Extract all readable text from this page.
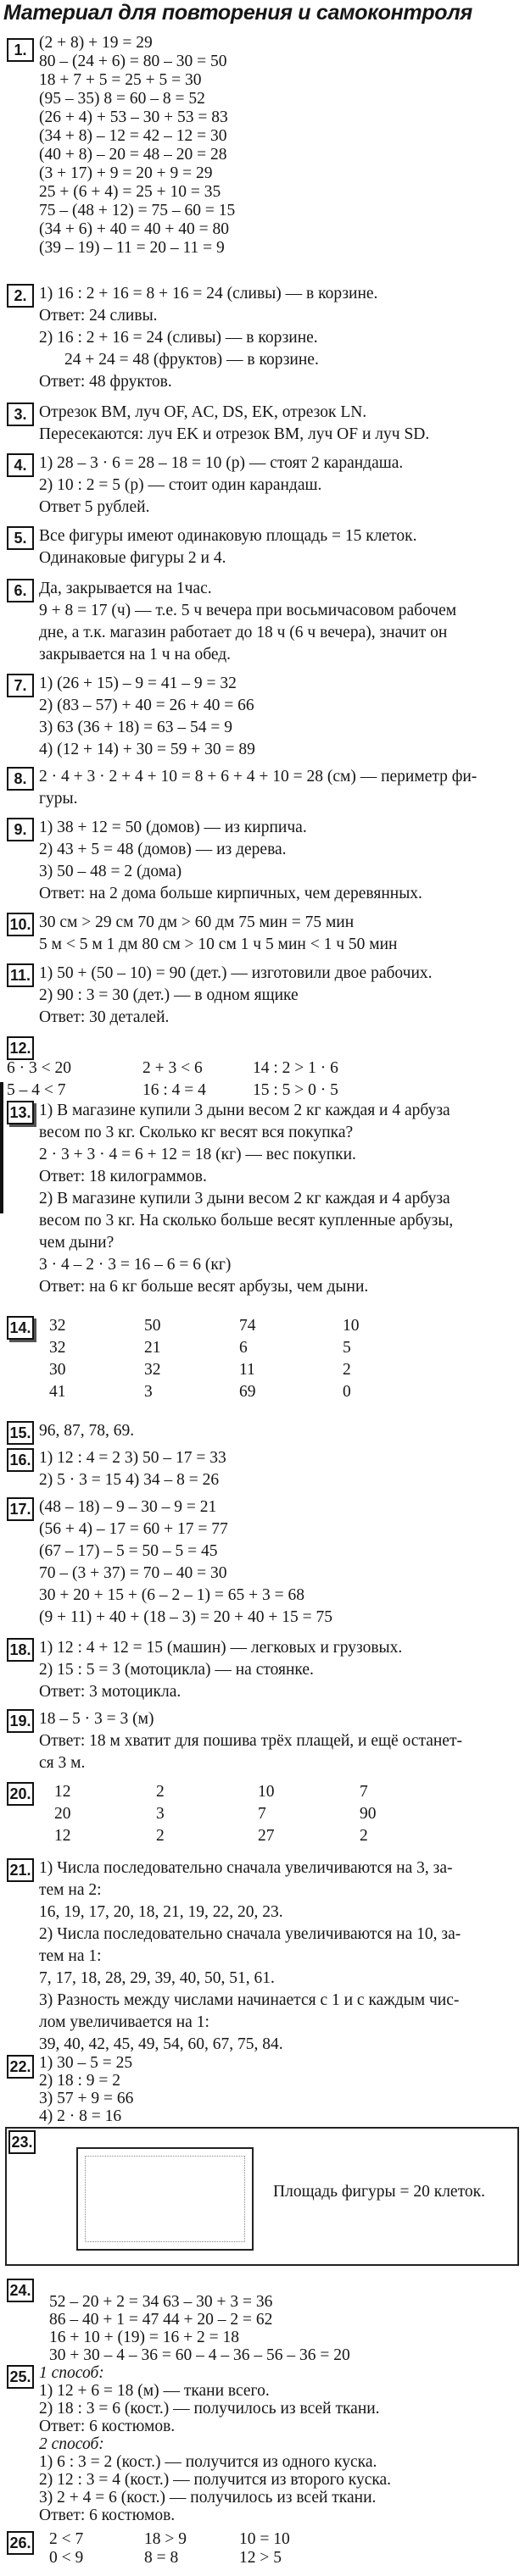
Материал для повторения и самоконтроля
1. (2 + 8) + 19 = 29
80 – (24 + 6) = 80 – 30 = 50
18 + 7 + 5 = 25 + 5 = 30
(95 – 35) 8 = 60 – 8 = 52
(26 + 4) + 53 – 30 + 53 = 83
(34 + 8) – 12 = 42 – 12 = 30
(40 + 8) – 20 = 48 – 20 = 28
(3 + 17) + 9 = 20 + 9 = 29
25 + (6 + 4) = 25 + 10 = 35
75 – (48 + 12) = 75 – 60 = 15
(34 + 6) + 40 = 40 + 40 = 80
(39 – 19) – 11 = 20 – 11 = 9
2. 1) 16 : 2 + 16 = 8 + 16 = 24 (сливы) — в корзине.
Ответ: 24 сливы.
2) 16 : 2 + 16 = 24 (сливы) — в корзине.
24 + 24 = 48 (фруктов) — в корзине.
Ответ: 48 фруктов.
3. Отрезок BM, луч OF, AC, DS, EK, отрезок LN.
Пересекаются: луч EK и отрезок BM, луч OF и луч SD.
4. 1) 28 – 3 · 6 = 28 – 18 = 10 (р) — стоят 2 карандаша.
2) 10 : 2 = 5 (р) — стоит один карандаш.
Ответ 5 рублей.
5. Все фигуры имеют одинаковую площадь = 15 клеток.
Одинаковые фигуры 2 и 4.
6. Да, закрывается на 1час.
9 + 8 = 17 (ч) — т.е. 5 ч вечера при восьмичасовом рабочем
дне, а т.к. магазин работает до 18 ч (6 ч вечера), значит он
закрывается на 1 ч на обед.
7. 1) (26 + 15) – 9 = 41 – 9 = 32
2) (83 – 57) + 40 = 26 + 40 = 66
3) 63 (36 + 18) = 63 – 54 = 9
4) (12 + 14) + 30 = 59 + 30 = 89
8. 2 · 4 + 3 · 2 + 4 + 10 = 8 + 6 + 4 + 10 = 28 (см) — периметр фи-
гуры.
9. 1) 38 + 12 = 50 (домов) — из кирпича.
2) 43 + 5 = 48 (домов) — из дерева.
3) 50 – 48 = 2 (дома)
Ответ: на 2 дома больше кирпичных, чем деревянных.
10. 30 см > 29 см 70 дм > 60 дм 75 мин = 75 мин
5 м < 5 м 1 дм 80 см > 10 см 1 ч 5 мин < 1 ч 50 мин
11. 1) 50 + (50 – 10) = 90 (дет.) — изготовили двое рабочих.
2) 90 : 3 = 30 (дет.) — в одном ящике
Ответ: 30 деталей.
12.
6 · 3 < 20	2 + 3 < 6	14 : 2 > 1 · 6
5 – 4 < 7	16 : 4 = 4	15 : 5 > 0 · 5
13. 1) В магазине купили 3 дыни весом 2 кг каждая и 4 арбуза
весом по 3 кг. Сколько кг весят вся покупка?
2 · 3 + 3 · 4 = 6 + 12 = 18 (кг) — вес покупки.
Ответ: 18 килограммов.
2) В магазине купили 3 дыни весом 2 кг каждая и 4 арбуза
весом по 3 кг. На сколько больше весят купленные арбузы,
чем дыни?
3 · 4 – 2 · 3 = 16 – 6 = 6 (кг)
Ответ: на 6 кг больше весят арбузы, чем дыни.
14. 32	50	74	10
32	21	6	5
30	32	11	2
41	3	69	0
15. 96, 87, 78, 69.
16. 1) 12 : 4 = 2 3) 50 – 17 = 33
2) 5 · 3 = 15 4) 34 – 8 = 26
17. (48 – 18) – 9 – 30 – 9 = 21
(56 + 4) – 17 = 60 + 17 = 77
(67 – 17) – 5 = 50 – 5 = 45
70 – (3 + 37) = 70 – 40 = 30
30 + 20 + 15 + (6 – 2 – 1) = 65 + 3 = 68
(9 + 11) + 40 + (18 – 3) = 20 + 40 + 15 = 75
18. 1) 12 : 4 + 12 = 15 (машин) — легковых и грузовых.
2) 15 : 5 = 3 (мотоцикла) — на стоянке.
Ответ: 3 мотоцикла.
19. 18 – 5 · 3 = 3 (м)
Ответ: 18 м хватит для пошива трёх плащей, и ещё останет-
ся 3 м.
20. 12	2	10	7
20	3	7	90
12	2	27	2
21. 1) Числа последовательно сначала увеличиваются на 3, за-
тем на 2:
16, 19, 17, 20, 18, 21, 19, 22, 20, 23.
2) Числа последовательно сначала увеличиваются на 10, за-
тем на 1:
7, 17, 18, 28, 29, 39, 40, 50, 51, 61.
3) Разность между числами начинается с 1 и с каждым чис-
лом увеличивается на 1:
39, 40, 42, 45, 49, 54, 60, 67, 75, 84.
22. 1) 30 – 5 = 25
2) 18 : 9 = 2
3) 57 + 9 = 66
4) 2 · 8 = 16
23.
Площадь фигуры = 20 клеток.
24.
52 – 20 + 2 = 34 63 – 30 + 3 = 36
86 – 40 + 1 = 47 44 + 20 – 2 = 62
16 + 10 + (19) = 16 + 2 = 18
30 + 30 – 4 – 36 = 60 – 4 – 36 – 56 – 36 = 20
25. 1 способ:
1) 12 + 6 = 18 (м) — ткани всего.
2) 18 : 3 = 6 (кост.) — получилось из всей ткани.
Ответ: 6 костюмов.
2 способ:
1) 6 : 3 = 2 (кост.) — получится из одного куска.
2) 12 : 3 = 4 (кост.) — получится из второго куска.
3) 2 + 4 = 6 (кост.) — получилось из всей ткани.
Ответ: 6 костюмов.
26. 2 < 7	18 > 9	10 = 10
0 < 9	8 = 8	12 > 5
